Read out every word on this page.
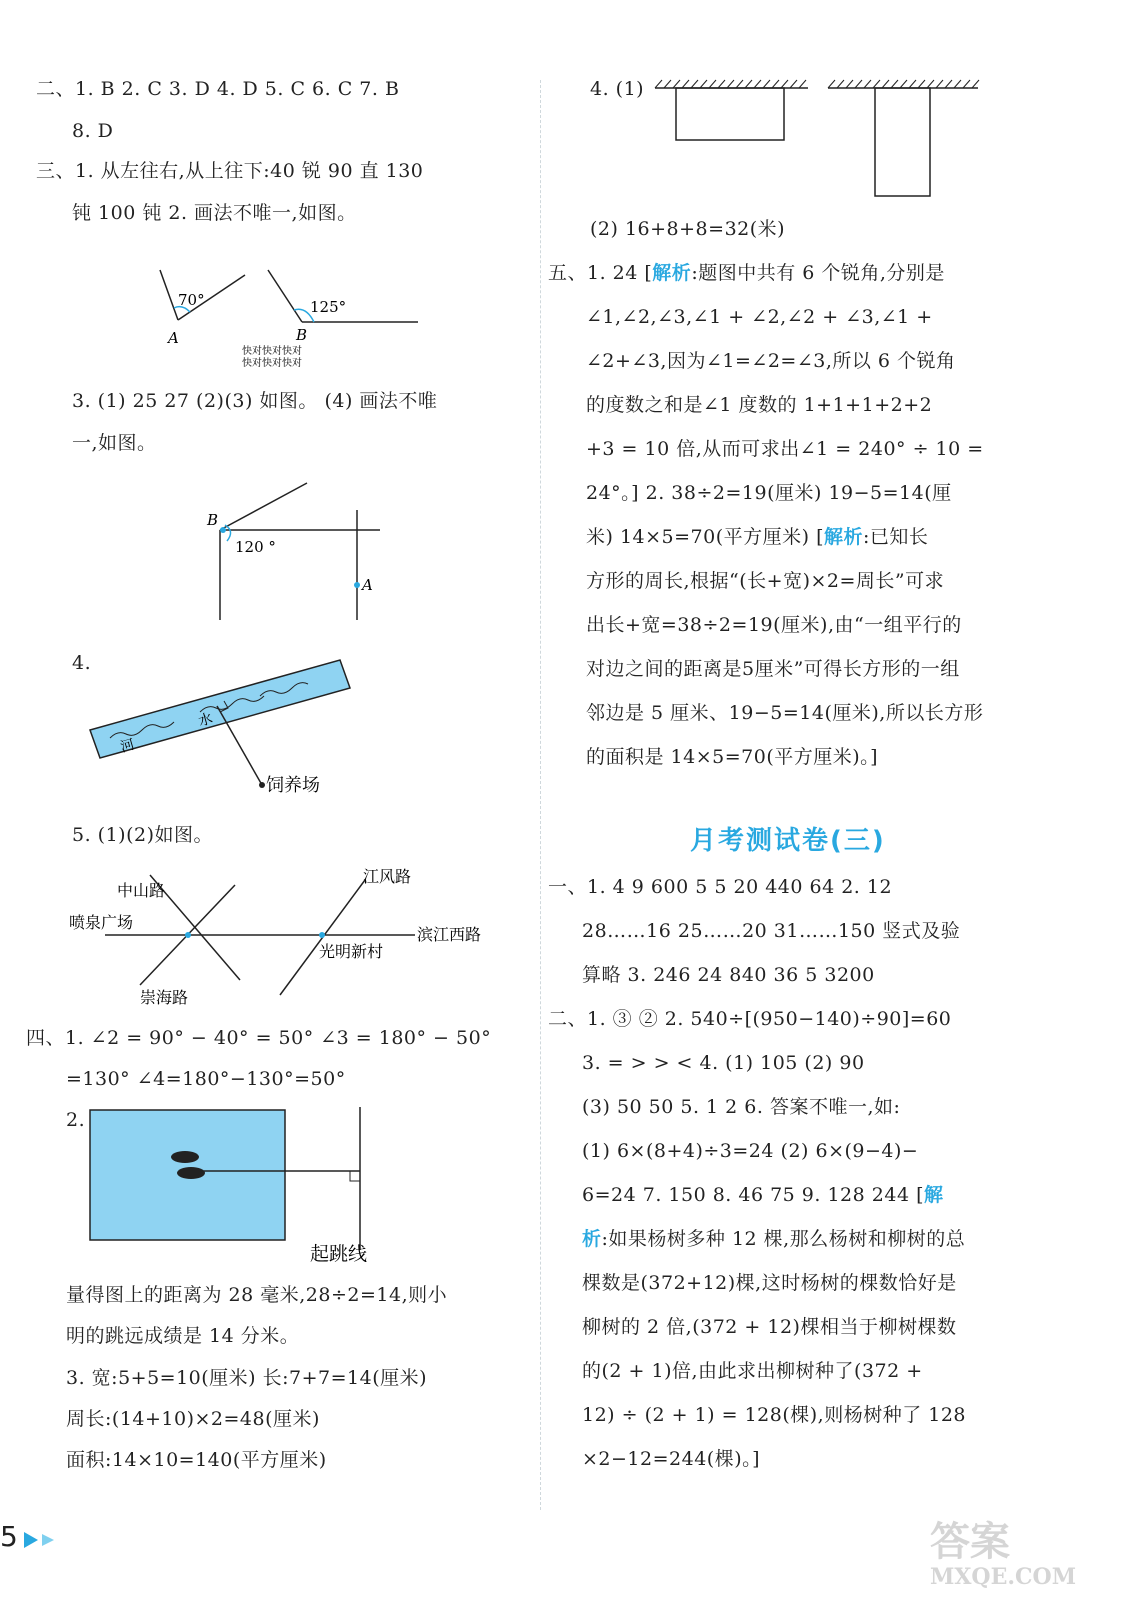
二、1. B 2. C 3. D 4. D 5. C 6. C 7. B
8. D
三、1. 从左往右,从上往下:40 锐 90 直 130
钝 100 钝 2. 画法不唯一,如图。
3. (1) 25 27 (2)(3) 如图。 (4) 画法不唯
一,如图。
4.
5. (1)(2)如图。
四、1. ∠2 = 90° − 40° = 50° ∠3 = 180° − 50°
=130° ∠4=180°−130°=50°
2.
量得图上的距离为 28 毫米,28÷2=14,则小
明的跳远成绩是 14 分米。
3. 宽:5+5=10(厘米) 长:7+7=14(厘米)
周长:(14+10)×2=48(厘米)
面积:14×10=140(平方厘米)
4. (1)
(2) 16+8+8=32(米)
五、1. 24 [解析:题图中共有 6 个锐角,分别是
∠1,∠2,∠3,∠1 + ∠2,∠2 + ∠3,∠1 +
∠2+∠3,因为∠1=∠2=∠3,所以 6 个锐角
的度数之和是∠1 度数的 1+1+1+2+2
+3 = 10 倍,从而可求出∠1 = 240° ÷ 10 =
24°。] 2. 38÷2=19(厘米) 19−5=14(厘
米) 14×5=70(平方厘米) [解析:已知长
方形的周长,根据“(长+宽)×2=周长”可求
出长+宽=38÷2=19(厘米),由“一组平行的
对边之间的距离是5厘米”可得长方形的一组
邻边是 5 厘米、19−5=14(厘米),所以长方形
的面积是 14×5=70(平方厘米)。]
一、1. 4 9 600 5 5 20 440 64 2. 12
28……16 25……20 31……150 竖式及验
算略 3. 246 24 840 36 5 3200
二、1. ③ ② 2. 540÷[(950−140)÷90]=60
3. = > > < 4. (1) 105 (2) 90
(3) 50 50 5. 1 2 6. 答案不唯一,如:
(1) 6×(8+4)÷3=24 (2) 6×(9−4)−
6=24 7. 150 8. 46 75 9. 128 244 [解
析:如果杨树多种 12 棵,那么杨树和柳树的总
棵数是(372+12)棵,这时杨树的棵数恰好是
柳树的 2 倍,(372 + 12)棵相当于柳树棵数
的(2 + 1)倍,由此求出柳树种了(372 +
12) ÷ (2 + 1) = 128(棵),则杨树种了 128
×2−12=244(棵)。]
月考测试卷(三)
70°
A
125°
B
快对快对快对
快对快对快对
B
A
120 °
河
水
饲养场
中山路
江风路
喷泉广场
滨江西路
光明新村
崇海路
起跳线
5	答案
MXQE.COM
